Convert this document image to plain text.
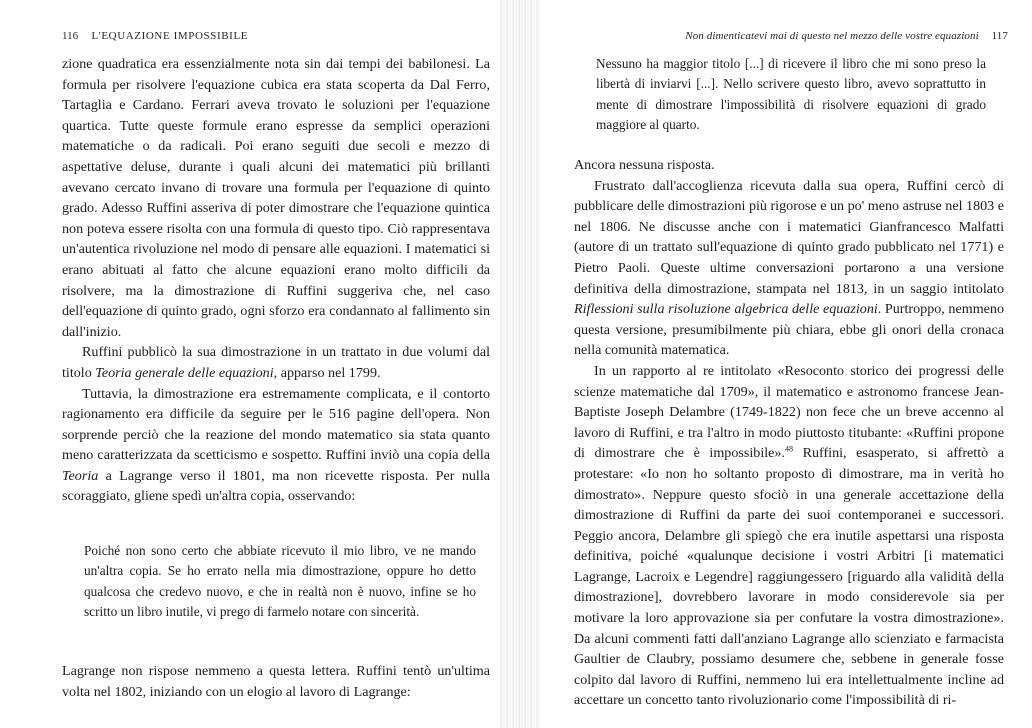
116 L'EQUAZIONE IMPOSSIBILE

zione quadratica era essenzialmente nota sin dai tempi dei babilonesi. La formula per risolvere l'equazione cubica era stata scoperta da Dal Ferro, Tartaglia e Cardano. Ferrari aveva trovato le soluzioni per l'equazione quartica. Tutte queste formule erano espresse da semplici operazioni matematiche o da radicali. Poi erano seguiti due secoli e mezzo di aspettative deluse, durante i quali alcuni dei matematici più brillanti avevano cercato invano di trovare una formula per l'equazione di quinto grado. Adesso Ruffini asseriva di poter dimostrare che l'equazione quintica non poteva essere risolta con una formula di questo tipo. Ciò rappresentava un'autentica rivoluzione nel modo di pensare alle equazioni. I matematici si erano abituati al fatto che alcune equazioni erano molto difficili da risolvere, ma la dimostrazione di Ruffini suggeriva che, nel caso dell'equazione di quinto grado, ogni sforzo era condannato al fallimento sin dall'inizio.

Ruffini pubblicò la sua dimostrazione in un trattato in due volumi dal titolo Teoria generale delle equazioni, apparso nel 1799.

Tuttavia, la dimostrazione era estremamente complicata, e il contorto ragionamento era difficile da seguire per le 516 pagine dell'opera. Non sorprende perciò che la reazione del mondo matematico sia stata quanto meno caratterizzata da scetticismo e sospetto. Ruffini inviò una copia della Teoria a Lagrange verso il 1801, ma non ricevette risposta. Per nulla scoraggiato, gliene spedì un'altra copia, osservando:

Poiché non sono certo che abbiate ricevuto il mio libro, ve ne mando un'altra copia. Se ho errato nella mia dimostrazione, oppure ho detto qualcosa che credevo nuovo, e che in realtà non è nuovo, infine se ho scritto un libro inutile, vi prego di farmelo notare con sincerità.

Lagrange non rispose nemmeno a questa lettera. Ruffini tentò un'ultima volta nel 1802, iniziando con un elogio al lavoro di Lagrange:

Non dimenticatevi mai di questo nel mezzo delle vostre equazioni 117

Nessuno ha maggior titolo [...] di ricevere il libro che mi sono preso la libertà di inviarvi [...]. Nello scrivere questo libro, avevo soprattutto in mente di dimostrare l'impossibilità di risolvere equazioni di grado maggiore al quarto.

Ancora nessuna risposta.

Frustrato dall'accoglienza ricevuta dalla sua opera, Ruffini cercò di pubblicare delle dimostrazioni più rigorose e un po' meno astruse nel 1803 e nel 1806. Ne discusse anche con i matematici Gianfrancesco Malfatti (autore di un trattato sull'equazione di quinto grado pubblicato nel 1771) e Pietro Paoli. Queste ultime conversazioni portarono a una versione definitiva della dimostrazione, stampata nel 1813, in un saggio intitolato Riflessioni sulla risoluzione algebrica delle equazioni. Purtroppo, nemmeno questa versione, presumibilmente più chiara, ebbe gli onori della cronaca nella comunità matematica.

In un rapporto al re intitolato «Resoconto storico dei progressi delle scienze matematiche dal 1709», il matematico e astronomo francese Jean-Baptiste Joseph Delambre (1749-1822) non fece che un breve accenno al lavoro di Ruffini, e tra l'altro in modo piuttosto titubante: «Ruffini propone di dimostrare che è impossibile».$^{48}$ Ruffini, esasperato, si affrettò a protestare: «Io non ho soltanto proposto di dimostrare, ma in verità ho dimostrato». Neppure questo sfociò in una generale accettazione della dimostrazione di Ruffini da parte dei suoi contemporanei e successori. Peggio ancora, Delambre gli spiegò che era inutile aspettarsi una risposta definitiva, poiché «qualunque decisione i vostri Arbitri [i matematici Lagrange, Lacroix e Legendre] raggiungessero [riguardo alla validità della dimostrazione], dovrebbero lavorare in modo considerevole sia per motivare la loro approvazione sia per confutare la vostra dimostrazione». Da alcuni commenti fatti dall'anziano Lagrange allo scienziato e farmacista Gaultier de Claubry, possiamo desumere che, sebbene in generale fosse colpito dal lavoro di Ruffini, nemmeno lui era intellettualmente incline ad accettare un concetto tanto rivoluzionario come l'impossibilità di ri-
